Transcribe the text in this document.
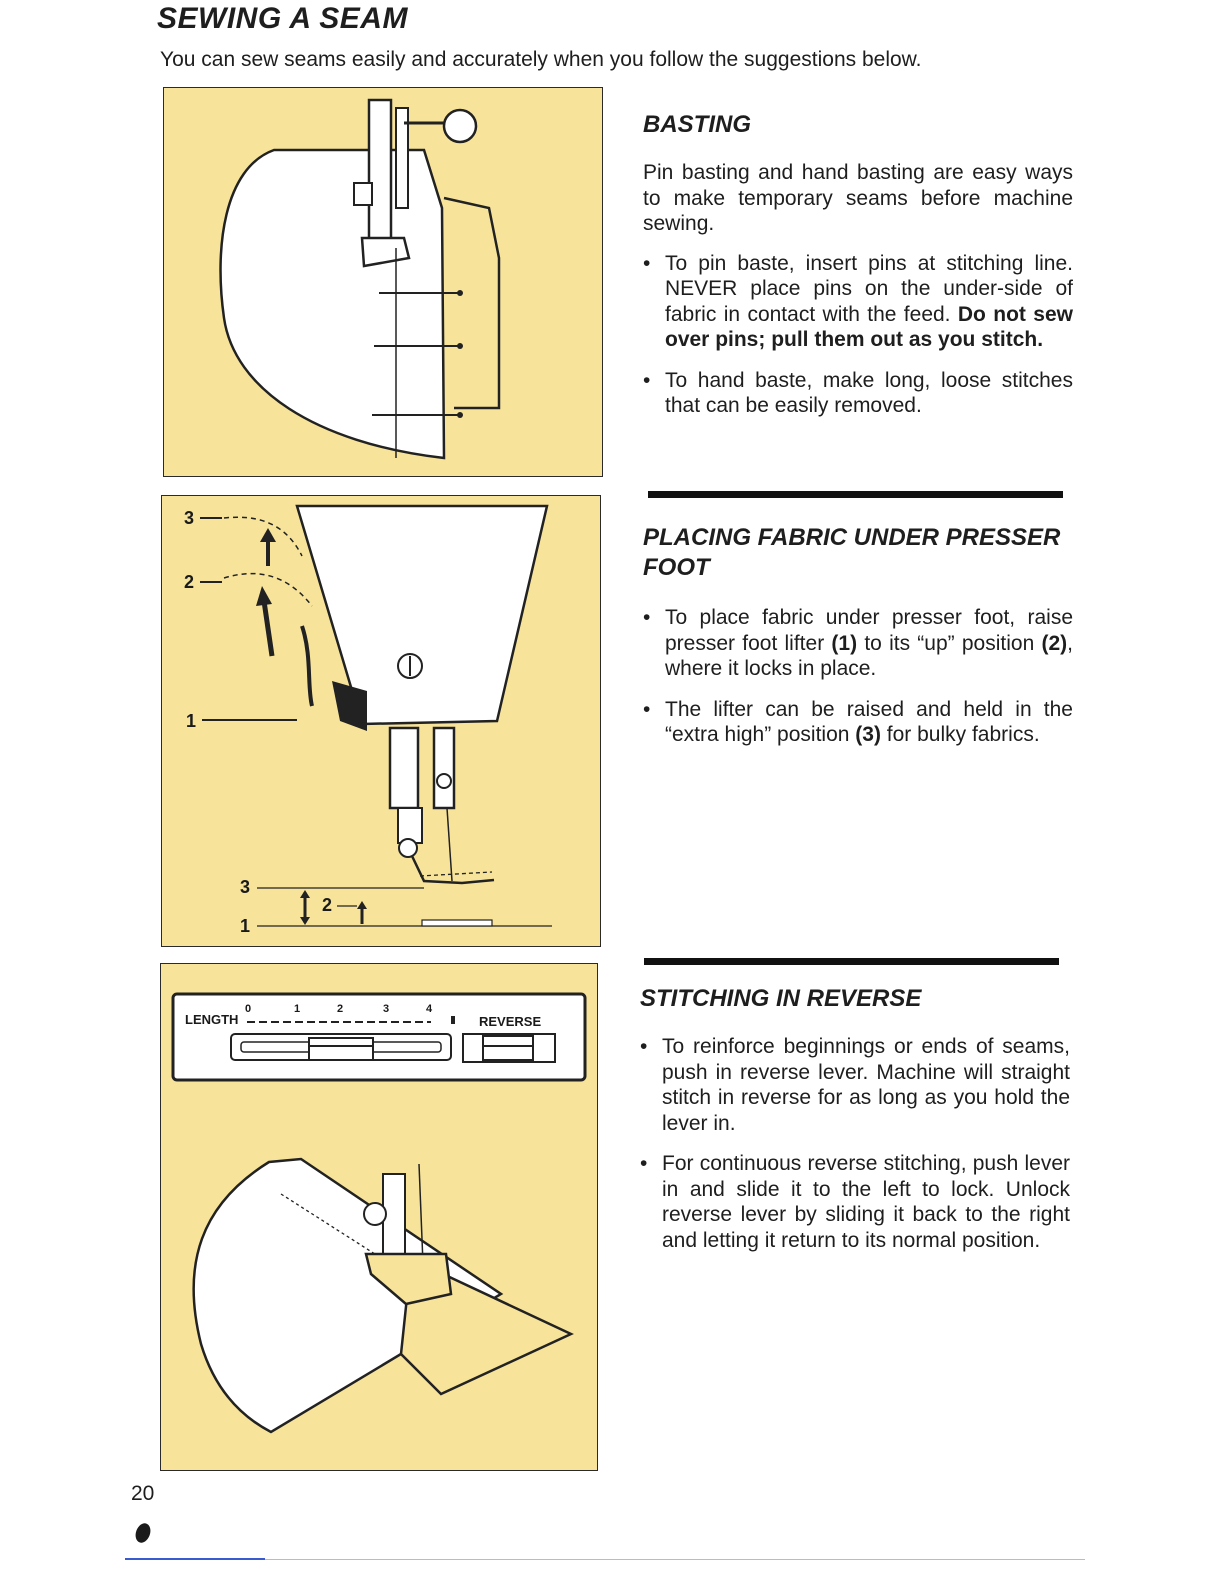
SEWING A SEAM

You can sew seams easily and accurately when you follow the suggestions below.

3
2
1
3
2
1
LENGTH
0	1	2	3	4
REVERSE
BASTING

Pin basting and hand basting are easy ways to make temporary seams before machine sewing.

• To pin baste, insert pins at stitching line. NEVER place pins on the under-side of fabric in contact with the feed. Do not sew over pins; pull them out as you stitch.
• To hand baste, make long, loose stitches that can be easily removed.
PLACING FABRIC UNDER PRESSER FOOT
• To place fabric under presser foot, raise presser foot lifter (1) to its “up” position (2), where it locks in place.
• The lifter can be raised and held in the “extra high” position (3) for bulky fabrics.
STITCHING IN REVERSE
• To reinforce beginnings or ends of seams, push in reverse lever. Machine will straight stitch in reverse for as long as you hold the lever in.
• For continuous reverse stitching, push lever in and slide it to the left to lock. Unlock reverse lever by sliding it back to the right and letting it return to its normal position.
20
